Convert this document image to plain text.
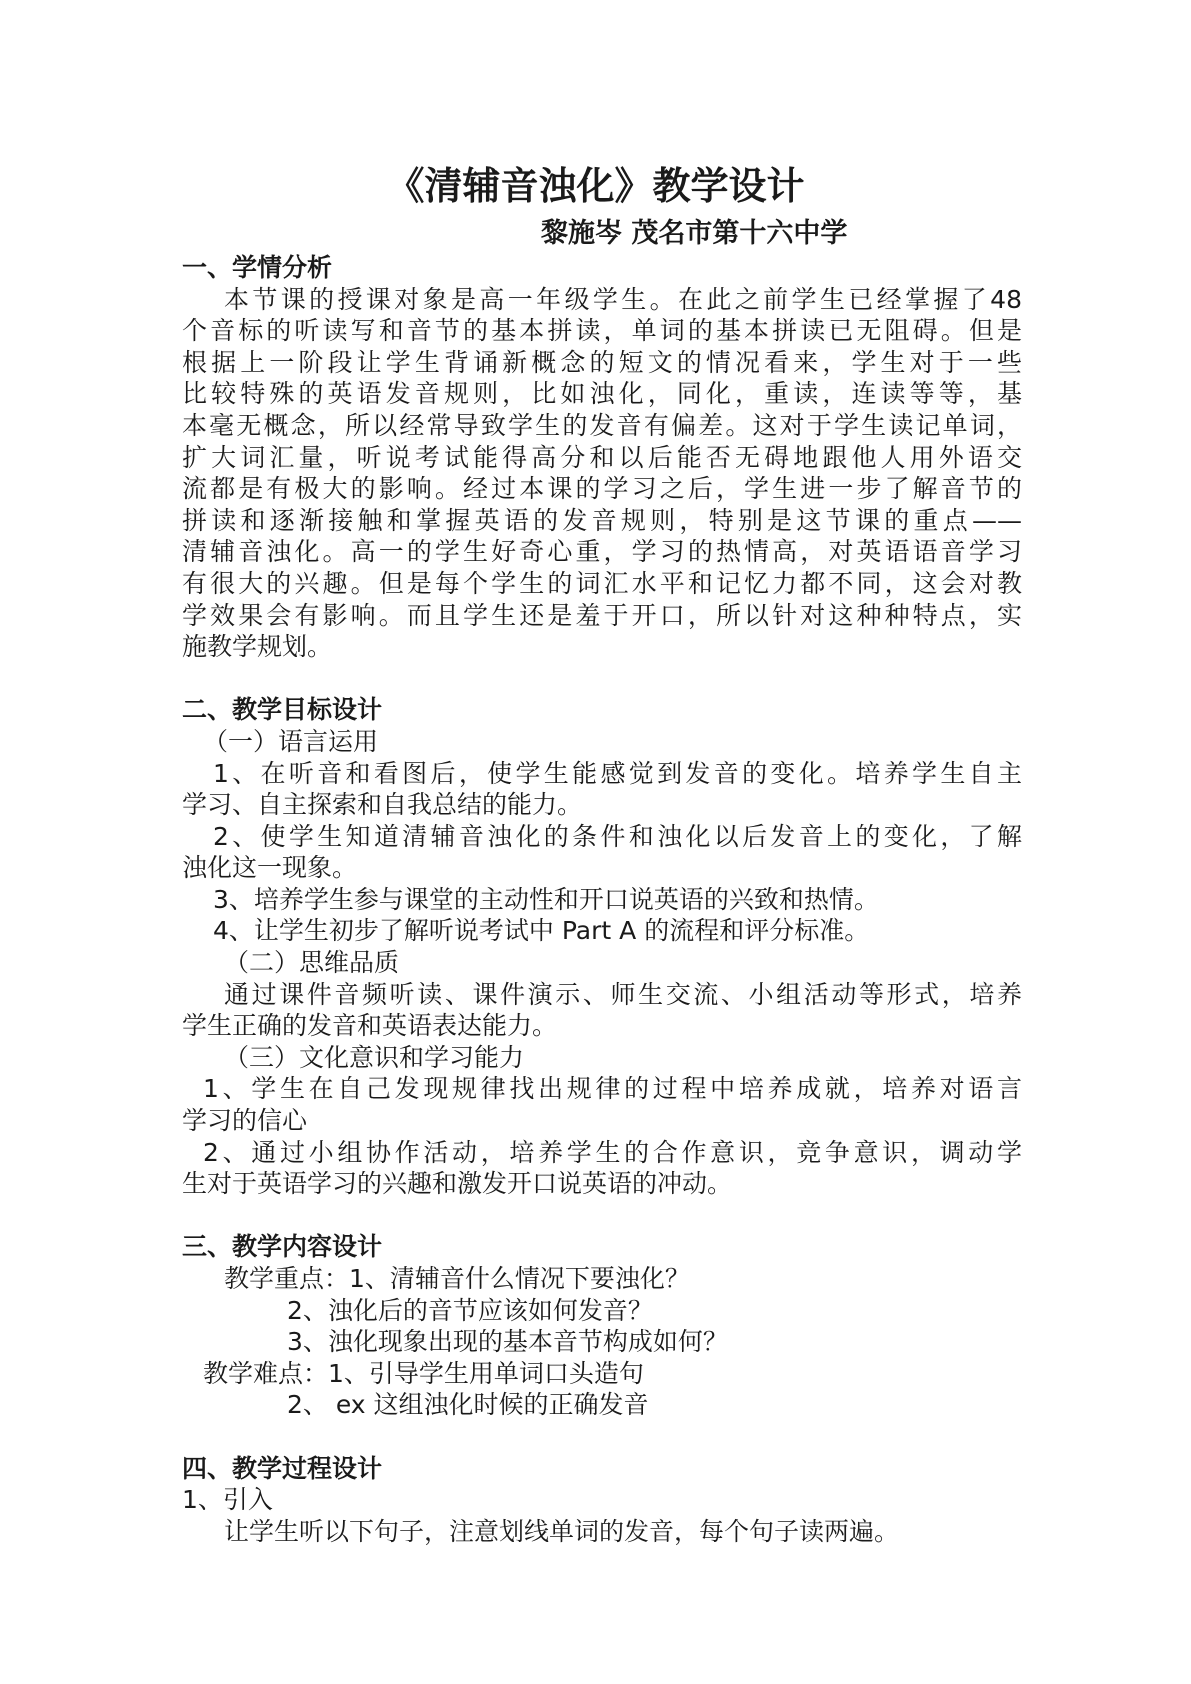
《清辅音浊化》教学设计
黎施岑 茂名市第十六中学
一、学情分析
本节课的授课对象是高一年级学生。在此之前学生已经掌握了48
个音标的听读写和音节的基本拼读，单词的基本拼读已无阻碍。但是
根据上一阶段让学生背诵新概念的短文的情况看来，学生对于一些
比较特殊的英语发音规则，比如浊化，同化，重读，连读等等，基
本毫无概念，所以经常导致学生的发音有偏差。这对于学生读记单词，
扩大词汇量，听说考试能得高分和以后能否无碍地跟他人用外语交
流都是有极大的影响。经过本课的学习之后，学生进一步了解音节的
拼读和逐渐接触和掌握英语的发音规则，特别是这节课的重点——
清辅音浊化。高一的学生好奇心重，学习的热情高，对英语语音学习
有很大的兴趣。但是每个学生的词汇水平和记忆力都不同，这会对教
学效果会有影响。而且学生还是羞于开口，所以针对这种种特点，实
施教学规划。
二、教学目标设计
（一）语言运用
1、在听音和看图后，使学生能感觉到发音的变化。培养学生自主
学习、自主探索和自我总结的能力。
2、使学生知道清辅音浊化的条件和浊化以后发音上的变化，了解
浊化这一现象。
3、培养学生参与课堂的主动性和开口说英语的兴致和热情。
4、让学生初步了解听说考试中 Part A 的流程和评分标准。
（二）思维品质
通过课件音频听读、课件演示、师生交流、小组活动等形式，培养
学生正确的发音和英语表达能力。
（三）文化意识和学习能力
1、学生在自己发现规律找出规律的过程中培养成就，培养对语言
学习的信心
2、通过小组协作活动，培养学生的合作意识，竞争意识，调动学
生对于英语学习的兴趣和激发开口说英语的冲动。
三、教学内容设计
教学重点：1、清辅音什么情况下要浊化？
2、浊化后的音节应该如何发音？
3、浊化现象出现的基本音节构成如何？
教学难点：1、引导学生用单词口头造句
2、 ex 这组浊化时候的正确发音
四、教学过程设计
1、引入
让学生听以下句子，注意划线单词的发音，每个句子读两遍。
